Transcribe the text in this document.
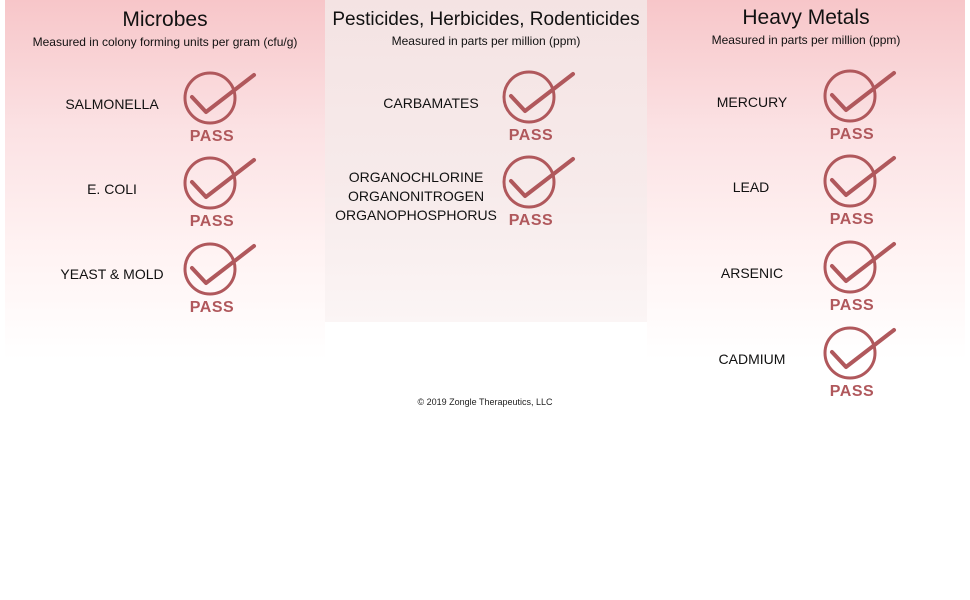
Microbes
Measured in colony forming units per gram (cfu/g)
Pesticides, Herbicides, Rodenticides
Measured in parts per million (ppm)
Heavy Metals
Measured in parts per million (ppm)
SALMONELLA
PASS
E. COLI
PASS
YEAST & MOLD
PASS
CARBAMATES
PASS
ORGANOCHLORINE
ORGANONITROGEN
ORGANOPHOSPHORUS PASS
MERCURY
PASS
LEAD
PASS
ARSENIC
PASS
CADMIUM
PASS
© 2019 Zongle Therapeutics, LLC
